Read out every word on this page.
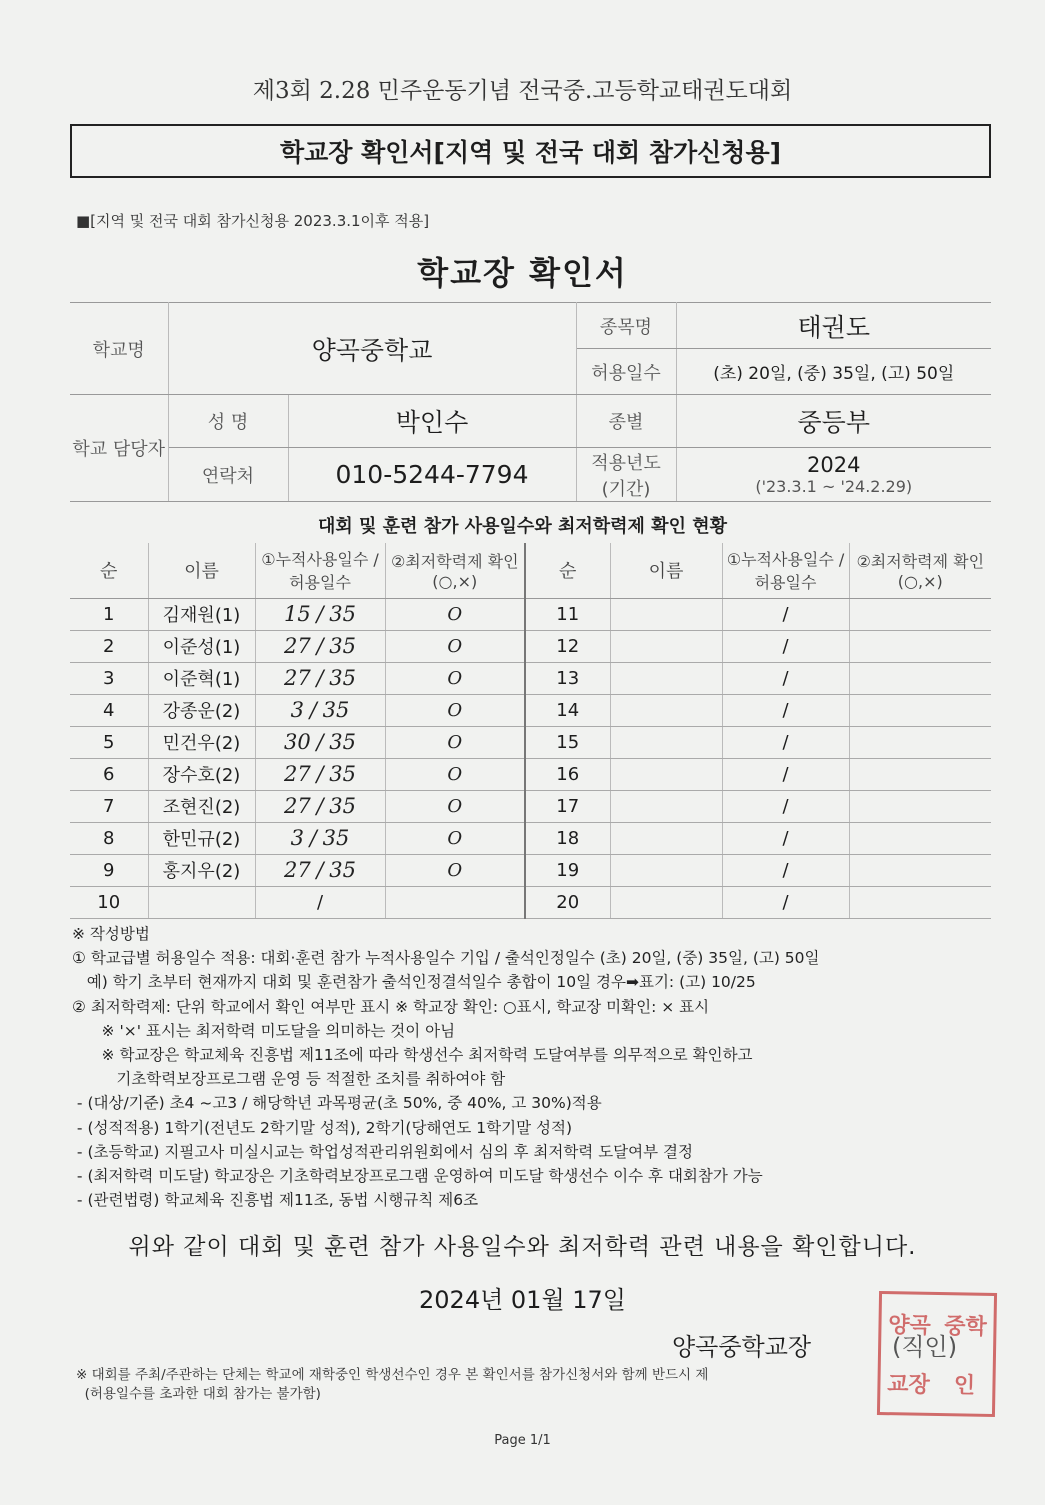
제3회 2.28 민주운동기념 전국중.고등학교태권도대회
학교장 확인서[지역 및 전국 대회 참가신청용]
■[지역 및 전국 대회 참가신청용 2023.3.1이후 적용]
학교장 확인서
학교명	양곡중학교		종목명	태권도
			허용일수	(초) 20일, (중) 35일, (고) 50일
학교 담당자	성 명	박인수	종별	중등부
	연락처	010-5244-7794	적용년도 (기간)	2024
('23.3.1 ~ '24.2.29)
대회 및 훈련 참가 사용일수와 최저학력제 확인 현황
순	이름	①누적사용일수 /허용일수	②최저학력제 확인(○,×)	순	이름	①누적사용일수 /허용일수	②최저학력제 확인(○,×)
1	김재원(1)	15 / 35	O	11		/	
2	이준성(1)	27 / 35	O	12		/	
3	이준혁(1)	27 / 35	O	13		/	
4	강종운(2)	3 / 35	O	14		/	
5	민건우(2)	30 / 35	O	15		/	
6	장수호(2)	27 / 35	O	16		/	
7	조현진(2)	27 / 35	O	17		/	
8	한민규(2)	3 / 35	O	18		/	
9	홍지우(2)	27 / 35	O	19		/	
10		/		20		/	

※ 작성방법

① 학교급별 허용일수 적용: 대회·훈련 참가 누적사용일수 기입 / 출석인정일수 (초) 20일, (중) 35일, (고) 50일

예) 학기 초부터 현재까지 대회 및 훈련참가 출석인정결석일수 총합이 10일 경우➡표기: (고) 10/25

② 최저학력제: 단위 학교에서 확인 여부만 표시 ※ 학교장 확인: ○표시, 학교장 미확인: × 표시

※ '×' 표시는 최저학력 미도달을 의미하는 것이 아님

※ 학교장은 학교체육 진흥법 제11조에 따라 학생선수 최저학력 도달여부를 의무적으로 확인하고

기초학력보장프로그램 운영 등 적절한 조치를 취하여야 함

- (대상/기준) 초4 ~고3 / 해당학년 과목평균(초 50%, 중 40%, 고 30%)적용

- (성적적용) 1학기(전년도 2학기말 성적), 2학기(당해연도 1학기말 성적)

- (초등학교) 지필고사 미실시교는 학업성적관리위원회에서 심의 후 최저학력 도달여부 결정

- (최저학력 미도달) 학교장은 기초학력보장프로그램 운영하여 미도달 학생선수 이수 후 대회참가 가능

- (관련법령) 학교체육 진흥법 제11조, 동법 시행규칙 제6조

위와 같이 대회 및 훈련 참가 사용일수와 최저학력 관련 내용을 확인합니다.
2024년 01월 17일
양곡중학교장
양곡 중학
교장 인
(직인)
※ 대회를 주최/주관하는 단체는 학교에 재학중인 학생선수인 경우 본 확인서를 참가신청서와 함께 반드시 제
(허용일수를 초과한 대회 참가는 불가함)
Page 1/1
